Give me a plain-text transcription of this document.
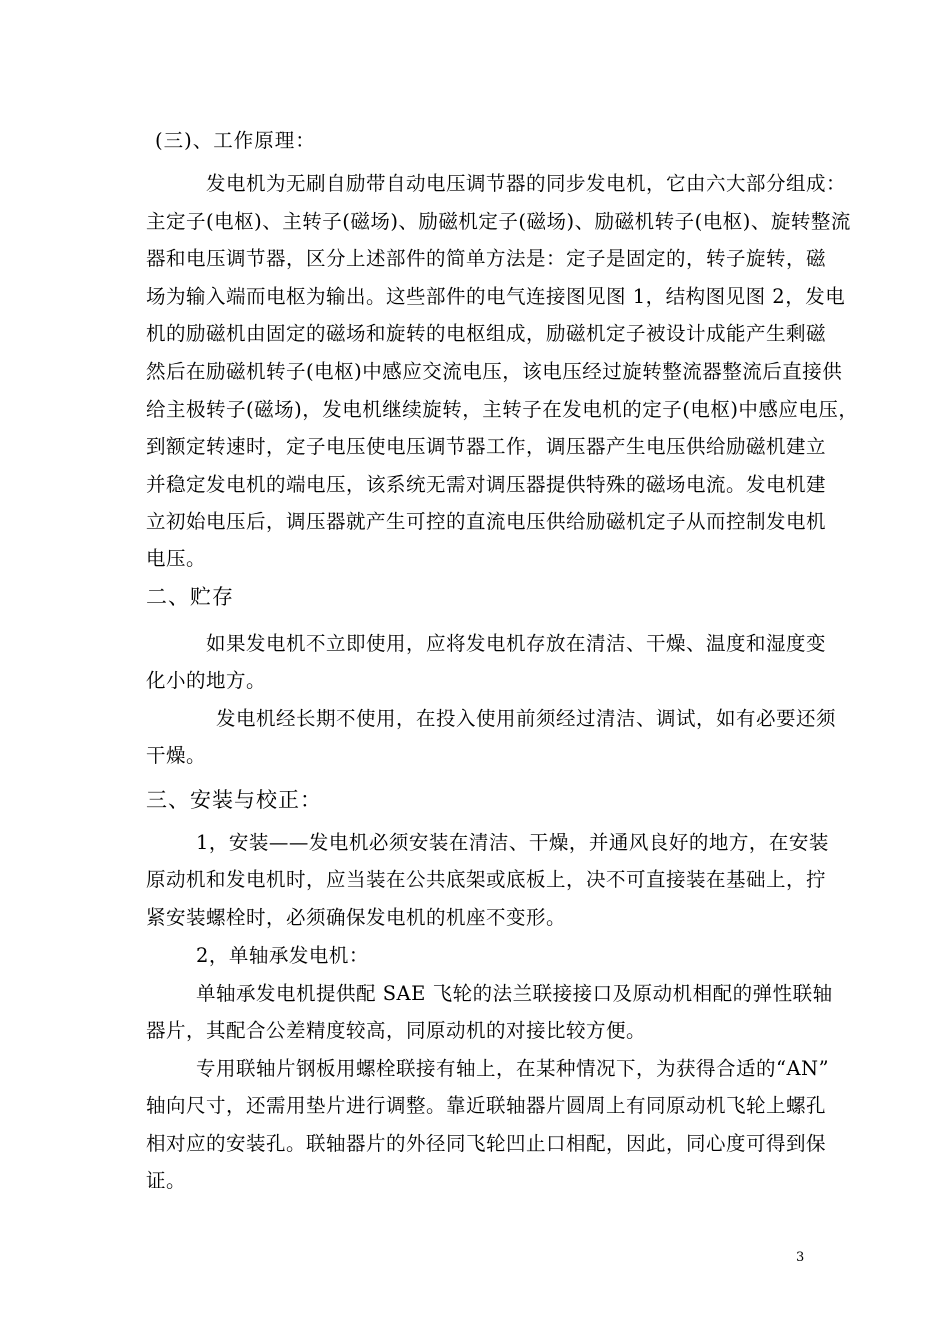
(三)、工作原理：
发电机为无刷自励带自动电压调节器的同步发电机，它由六大部分组成：
主定子(电枢)、主转子(磁场)、励磁机定子(磁场)、励磁机转子(电枢)、旋转整流
器和电压调节器，区分上述部件的简单方法是：定子是固定的，转子旋转，磁
场为输入端而电枢为输出。这些部件的电气连接图见图 1，结构图见图 2，发电
机的励磁机由固定的磁场和旋转的电枢组成，励磁机定子被设计成能产生剩磁
然后在励磁机转子(电枢)中感应交流电压，该电压经过旋转整流器整流后直接供
给主极转子(磁场)，发电机继续旋转，主转子在发电机的定子(电枢)中感应电压，
到额定转速时，定子电压使电压调节器工作，调压器产生电压供给励磁机建立
并稳定发电机的端电压，该系统无需对调压器提供特殊的磁场电流。发电机建
立初始电压后，调压器就产生可控的直流电压供给励磁机定子从而控制发电机
电压。
二、贮存
如果发电机不立即使用，应将发电机存放在清洁、干燥、温度和湿度变
化小的地方。
发电机经长期不使用，在投入使用前须经过清洁、调试，如有必要还须
干燥。
三、安装与校正：
1，安装——发电机必须安装在清洁、干燥，并通风良好的地方，在安装
原动机和发电机时，应当装在公共底架或底板上，决不可直接装在基础上，拧
紧安装螺栓时，必须确保发电机的机座不变形。
2，单轴承发电机：
单轴承发电机提供配 SAE 飞轮的法兰联接接口及原动机相配的弹性联轴
器片，其配合公差精度较高，同原动机的对接比较方便。
专用联轴片钢板用螺栓联接有轴上，在某种情况下，为获得合适的“AN”
轴向尺寸，还需用垫片进行调整。靠近联轴器片圆周上有同原动机飞轮上螺孔
相对应的安装孔。联轴器片的外径同飞轮凹止口相配，因此，同心度可得到保
证。
3
